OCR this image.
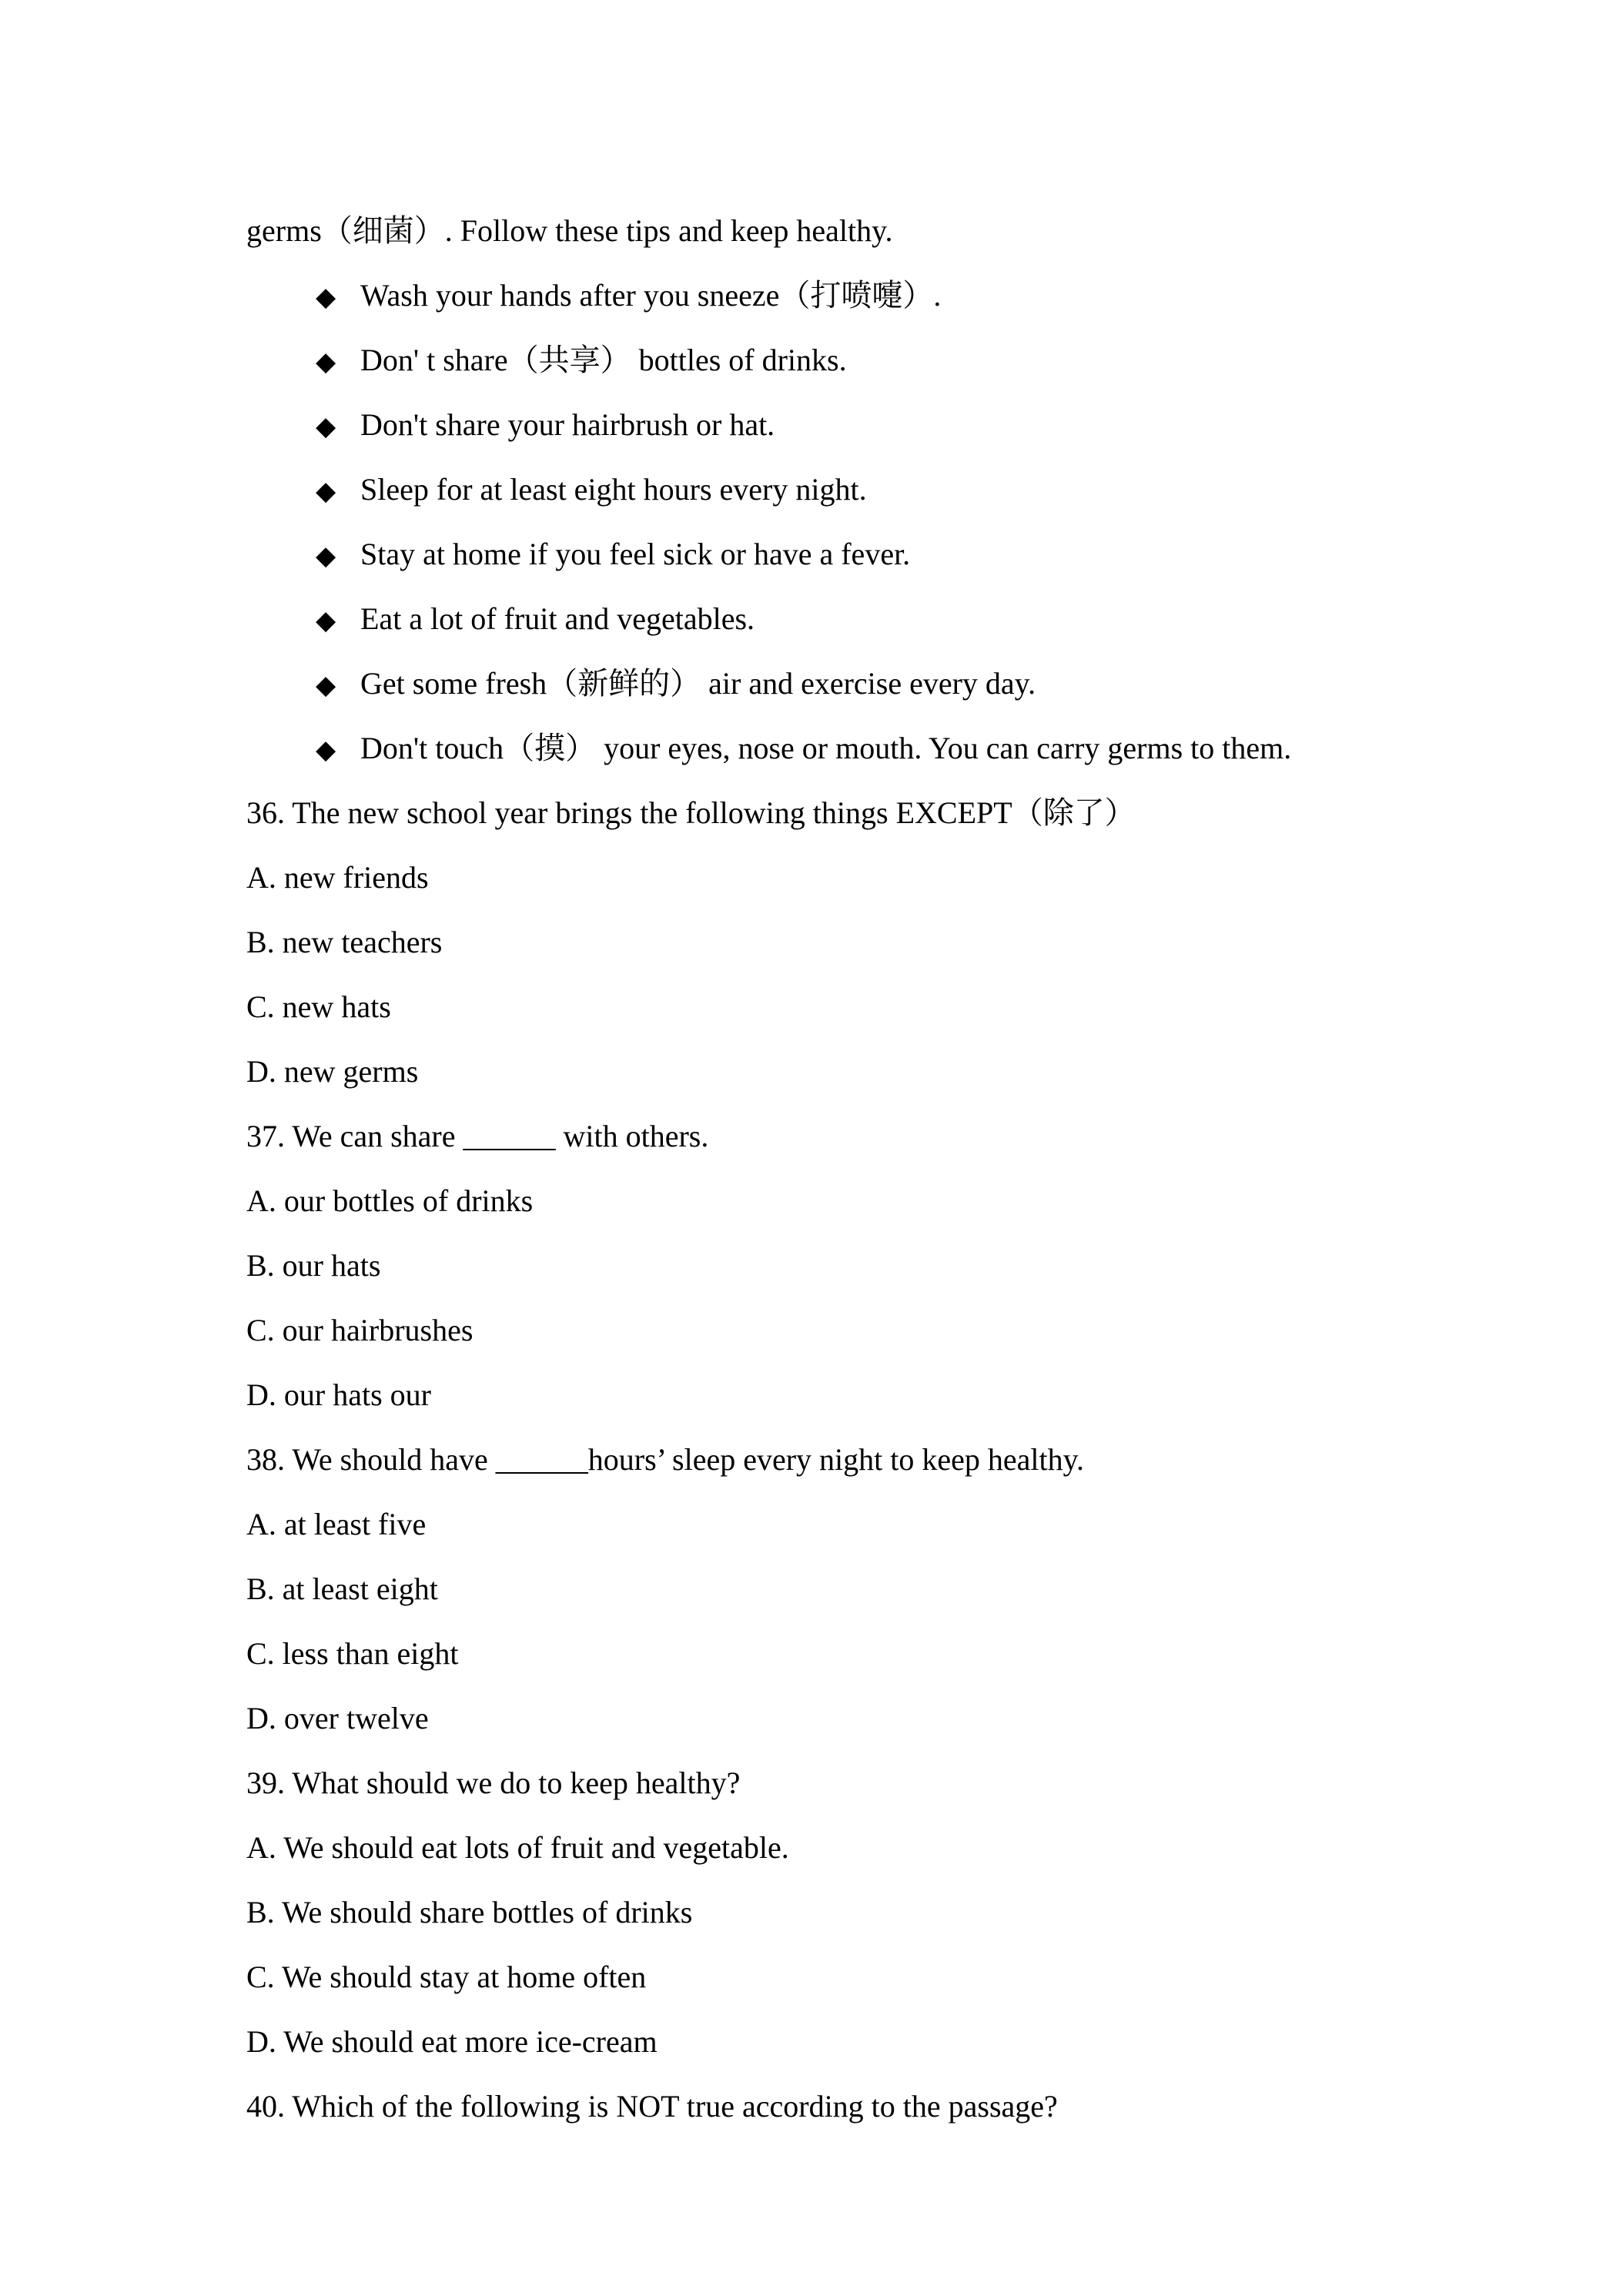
germs（细菌）. Follow these tips and keep healthy.
◆ Wash your hands after you sneeze（打喷嚏）.
◆ Don' t share（共享） bottles of drinks.
◆ Don't share your hairbrush or hat.
◆ Sleep for at least eight hours every night.
◆ Stay at home if you feel sick or have a fever.
◆ Eat a lot of fruit and vegetables.
◆ Get some fresh（新鲜的） air and exercise every day.
◆ Don't touch（摸） your eyes, nose or mouth. You can carry germs to them.
36. The new school year brings the following things EXCEPT（除了）
A. new friends
B. new teachers
C. new hats
D. new germs
37. We can share ______ with others.
A. our bottles of drinks
B. our hats
C. our hairbrushes
D. our hats our
38. We should have ______hours’ sleep every night to keep healthy.
A. at least five
B. at least eight
C. less than eight
D. over twelve
39. What should we do to keep healthy?
A. We should eat lots of fruit and vegetable.
B. We should share bottles of drinks
C. We should stay at home often
D. We should eat more ice-cream
40. Which of the following is NOT true according to the passage?
